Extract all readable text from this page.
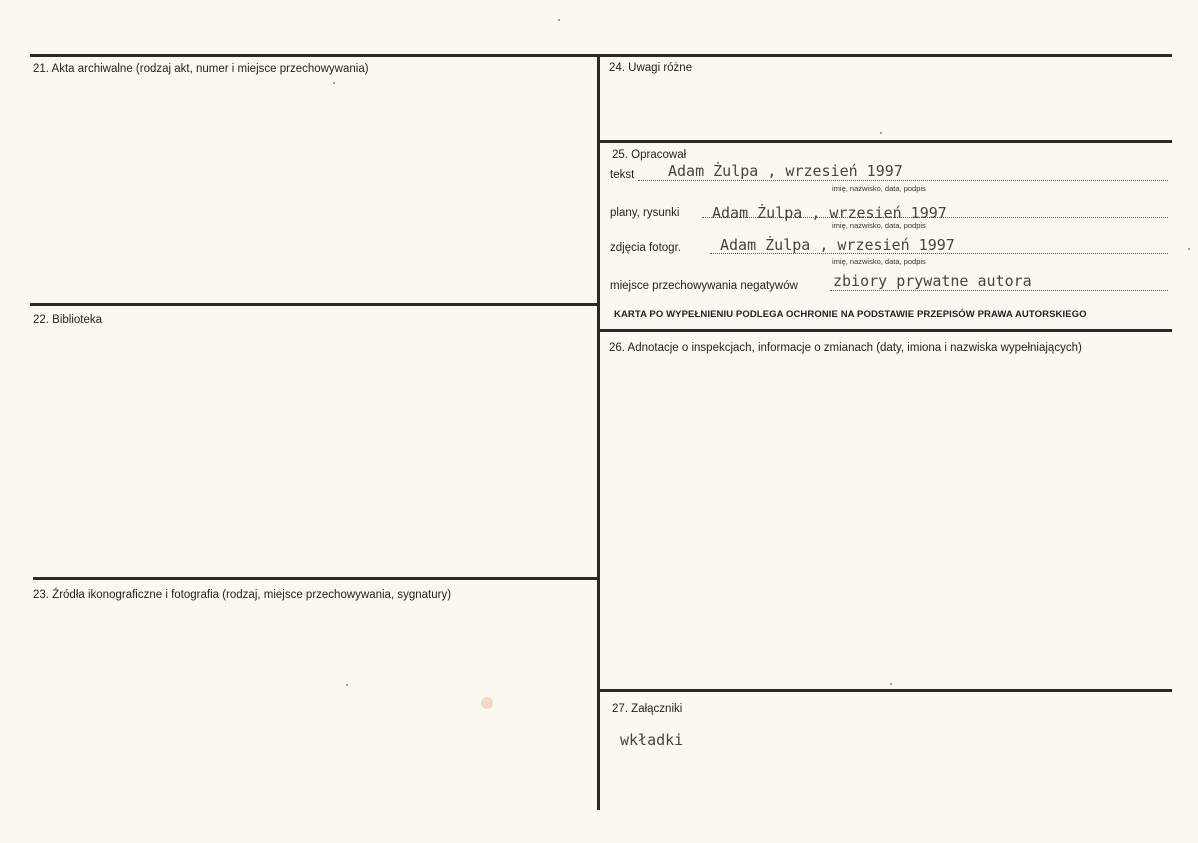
21. Akta archiwalne (rodzaj akt, numer i miejsce przechowywania)
22. Biblioteka
23. Źródła ikonograficzne i fotografia (rodzaj, miejsce przechowywania, sygnatury)
24. Uwagi różne
25. Opracował
26. Adnotacje o inspekcjach, informacje o zmianach (daty, imiona i nazwiska wypełniających)
27. Załączniki
tekst Adam Żulpa , wrzesień 1997
imię, nazwisko, data, podpis
plany, rysunki Adam Żulpa , wrzesień 1997
imię, nazwisko, data, podpis
zdjęcia fotogr.	Adam Żulpa , wrzesień 1997
imię, nazwisko, data, podpis
miejsce przechowywania negatywów zbiory prywatne autora
KARTA PO WYPEŁNIENIU PODLEGA OCHRONIE NA PODSTAWIE PRZEPISÓW PRAWA AUTORSKIEGO
wkładki
